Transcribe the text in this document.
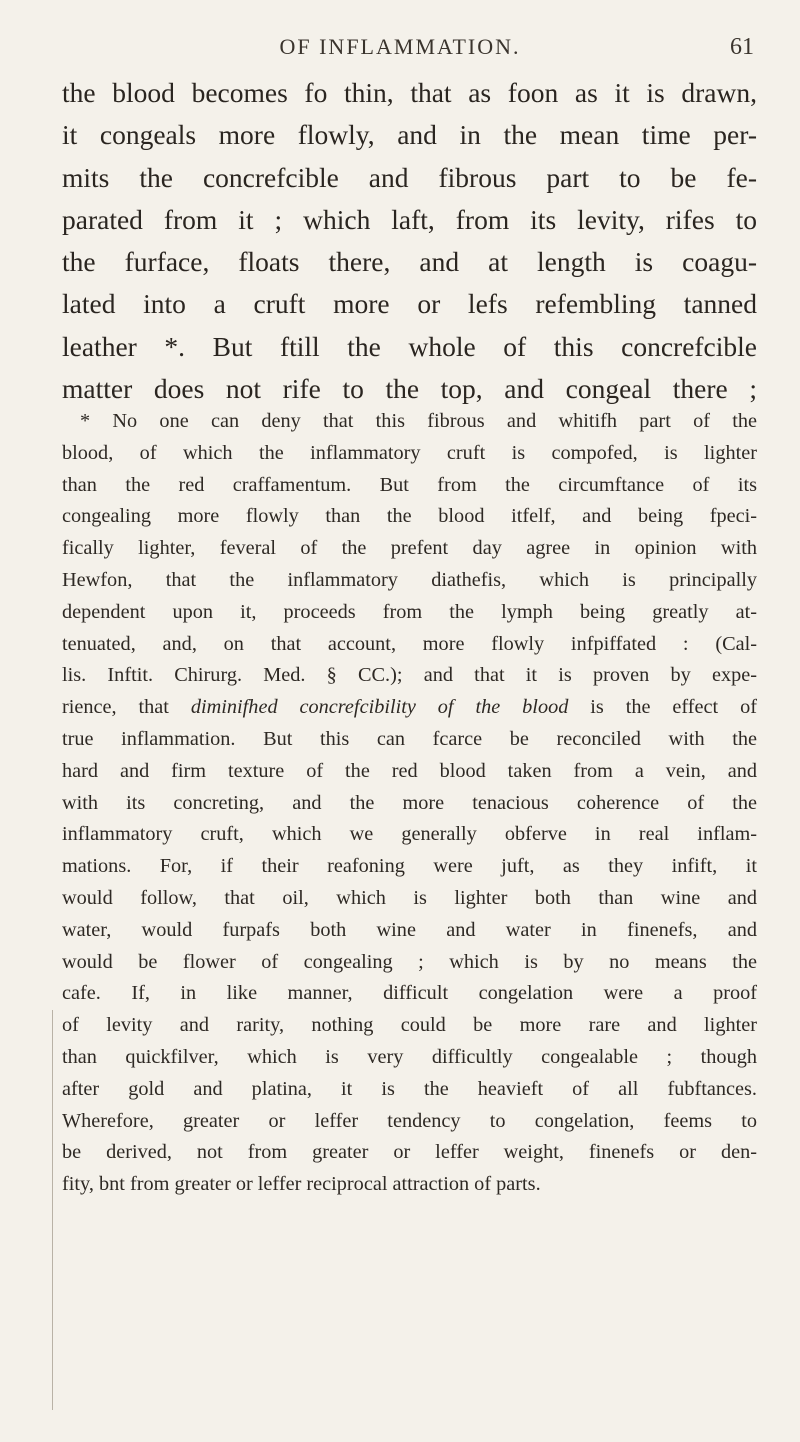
OF INFLAMMATION.	61
the blood becomes fo thin, that as foon as it is drawn,
it congeals more flowly, and in the mean time per-
mits the concrefcible and fibrous part to be fe-
parated from it ; which laft, from its levity, rifes to
the furface, floats there, and at length is coagu-
lated into a cruft more or lefs refembling tanned
leather *. But ftill the whole of this concrefcible
matter does not rife to the top, and congeal there ;
* No one can deny that this fibrous and whitifh part of the
blood, of which the inflammatory cruft is compofed, is lighter
than the red craffamentum. But from the circumftance of its
congealing more flowly than the blood itfelf, and being fpeci-
fically lighter, feveral of the prefent day agree in opinion with
Hewfon, that the inflammatory diathefis, which is principally
dependent upon it, proceeds from the lymph being greatly at-
tenuated, and, on that account, more flowly infpiffated : (Cal-
lis. Inftit. Chirurg. Med. § CC.); and that it is proven by expe-
rience, that diminifhed concrefcibility of the blood is the effect of
true inflammation. But this can fcarce be reconciled with the
hard and firm texture of the red blood taken from a vein, and
with its concreting, and the more tenacious coherence of the
inflammatory cruft, which we generally obferve in real inflam-
mations. For, if their reafoning were juft, as they infift, it
would follow, that oil, which is lighter both than wine and
water, would furpafs both wine and water in finenefs, and
would be flower of congealing ; which is by no means the
cafe. If, in like manner, difficult congelation were a proof
of levity and rarity, nothing could be more rare and lighter
than quickfilver, which is very difficultly congealable ; though
after gold and platina, it is the heavieft of all fubftances.
Wherefore, greater or leffer tendency to congelation, feems to
be derived, not from greater or leffer weight, finenefs or den-
fity, bnt from greater or leffer reciprocal attraction of parts.
